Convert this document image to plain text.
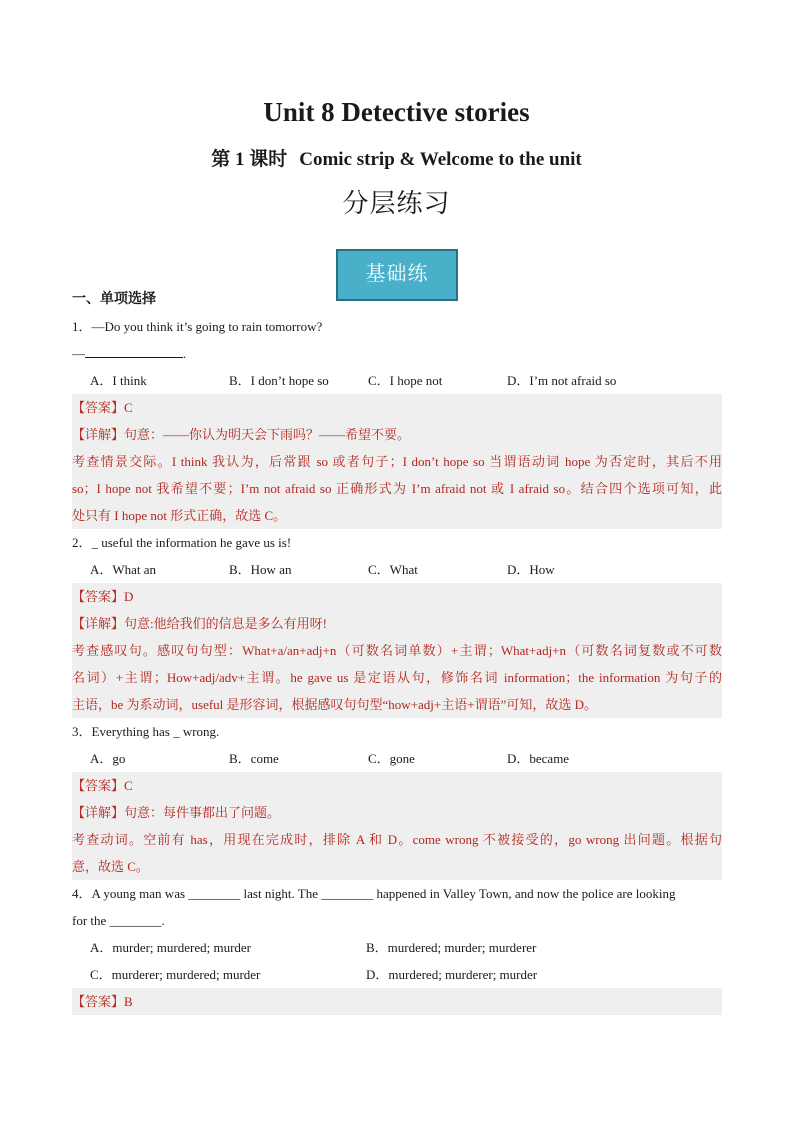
Unit 8 Detective stories
第 1 课时 Comic strip & Welcome to the unit
分层练习
基础练
一、单项选择
1．—Do you think it’s going to rain tomorrow?
—	.
A．I think	B．I don’t hope so	C．I hope not	D．I’m not afraid so
【答案】C
【详解】句意：——你认为明天会下雨吗？——希望不要。
考查情景交际。I think 我认为，后常跟 so 或者句子；I don’t hope so 当谓语动词 hope 为否定时，其后不用
so；I hope not 我希望不要；I’m not afraid so 正确形式为 I’m afraid not 或 I afraid so。结合四个选项可知，此
处只有 I hope not 形式正确，故选 C。
2．_ useful the information he gave us is!
A．What an	B．How an	C．What	D．How
【答案】D
【详解】句意:他给我们的信息是多么有用呀!
考查感叹句。感叹句句型：What+a/an+adj+n（可数名词单数）+主谓；What+adj+n（可数名词复数或不可数
名词）+主谓；How+adj/adv+主谓。he gave us 是定语从句，修饰名词 information；the information 为句子的
主语，be 为系动词，useful 是形容词，根据感叹句句型“how+adj+主语+谓语”可知，故选 D。
3．Everything has _ wrong.
A．go	B．come	C．gone	D．became
【答案】C
【详解】句意：每件事都出了问题。
考查动词。空前有 has，用现在完成时，排除 A 和 D。come wrong 不被接受的，go wrong 出问题。根据句
意，故选 C。
4．A young man was ________ last night. The ________ happened in Valley Town, and now the police are looking
for the ________.
A．murder; murdered; murder	B．murdered; murder; murderer
C．murderer; murdered; murder	D．murdered; murderer; murder
【答案】B
